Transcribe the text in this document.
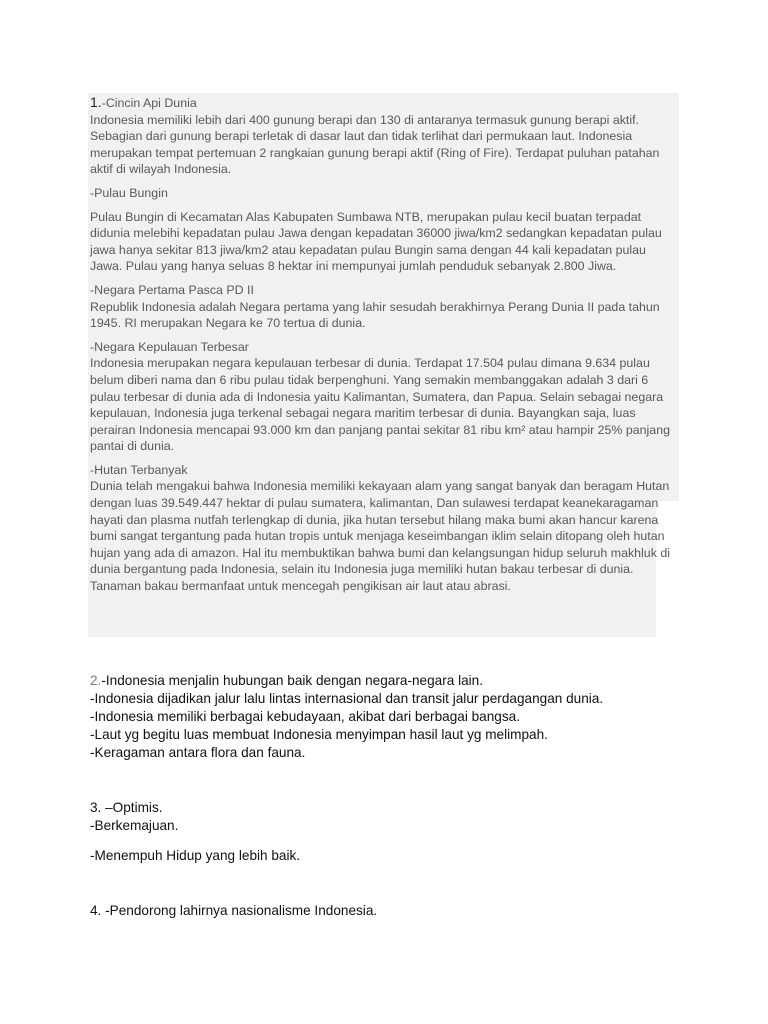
1.-Cincin Api Dunia

Indonesia memiliki lebih dari 400 gunung berapi dan 130 di antaranya termasuk gunung berapi aktif. Sebagian dari gunung berapi terletak di dasar laut dan tidak terlihat dari permukaan laut. Indonesia merupakan tempat pertemuan 2 rangkaian gunung berapi aktif (Ring of Fire). Terdapat puluhan patahan aktif di wilayah Indonesia.

-Pulau Bungin

Pulau Bungin di Kecamatan Alas Kabupaten Sumbawa NTB, merupakan pulau kecil buatan terpadat didunia melebihi kepadatan pulau Jawa dengan kepadatan 36000 jiwa/km2 sedangkan kepadatan pulau jawa hanya sekitar 813 jiwa/km2 atau kepadatan pulau Bungin sama dengan 44 kali kepadatan pulau Jawa. Pulau yang hanya seluas 8 hektar ini mempunyai jumlah penduduk sebanyak 2.800 Jiwa.

-Negara Pertama Pasca PD II

Republik Indonesia adalah Negara pertama yang lahir sesudah berakhirnya Perang Dunia II pada tahun 1945. RI merupakan Negara ke 70 tertua di dunia.

-Negara Kepulauan Terbesar

Indonesia merupakan negara kepulauan terbesar di dunia. Terdapat 17.504 pulau dimana 9.634 pulau belum diberi nama dan 6 ribu pulau tidak berpenghuni. Yang semakin membanggakan adalah 3 dari 6 pulau terbesar di dunia ada di Indonesia yaitu Kalimantan, Sumatera, dan Papua. Selain sebagai negara kepulauan, Indonesia juga terkenal sebagai negara maritim terbesar di dunia. Bayangkan saja, luas perairan Indonesia mencapai 93.000 km dan panjang pantai sekitar 81 ribu km² atau hampir 25% panjang pantai di dunia.

-Hutan Terbanyak

Dunia telah mengakui bahwa Indonesia memiliki kekayaan alam yang sangat banyak dan beragam Hutan dengan luas 39.549.447 hektar di pulau sumatera, kalimantan, Dan sulawesi terdapat keanekaragaman hayati dan plasma nutfah terlengkap di dunia, jika hutan tersebut hilang maka bumi akan hancur karena bumi sangat tergantung pada hutan tropis untuk menjaga keseimbangan iklim selain ditopang oleh hutan hujan yang ada di amazon. Hal itu membuktikan bahwa bumi dan kelangsungan hidup seluruh makhluk di dunia bergantung pada Indonesia, selain itu Indonesia juga memiliki hutan bakau terbesar di dunia. Tanaman bakau bermanfaat untuk mencegah pengikisan air laut atau abrasi.

2.-Indonesia menjalin hubungan baik dengan negara-negara lain.

-Indonesia dijadikan jalur lalu lintas internasional dan transit jalur perdagangan dunia.

-Indonesia memiliki berbagai kebudayaan, akibat dari berbagai bangsa.

-Laut yg begitu luas membuat Indonesia menyimpan hasil laut yg melimpah.

-Keragaman antara flora dan fauna.

3. –Optimis.

-Berkemajuan.

-Menempuh Hidup yang lebih baik.

4. -Pendorong lahirnya nasionalisme Indonesia.
